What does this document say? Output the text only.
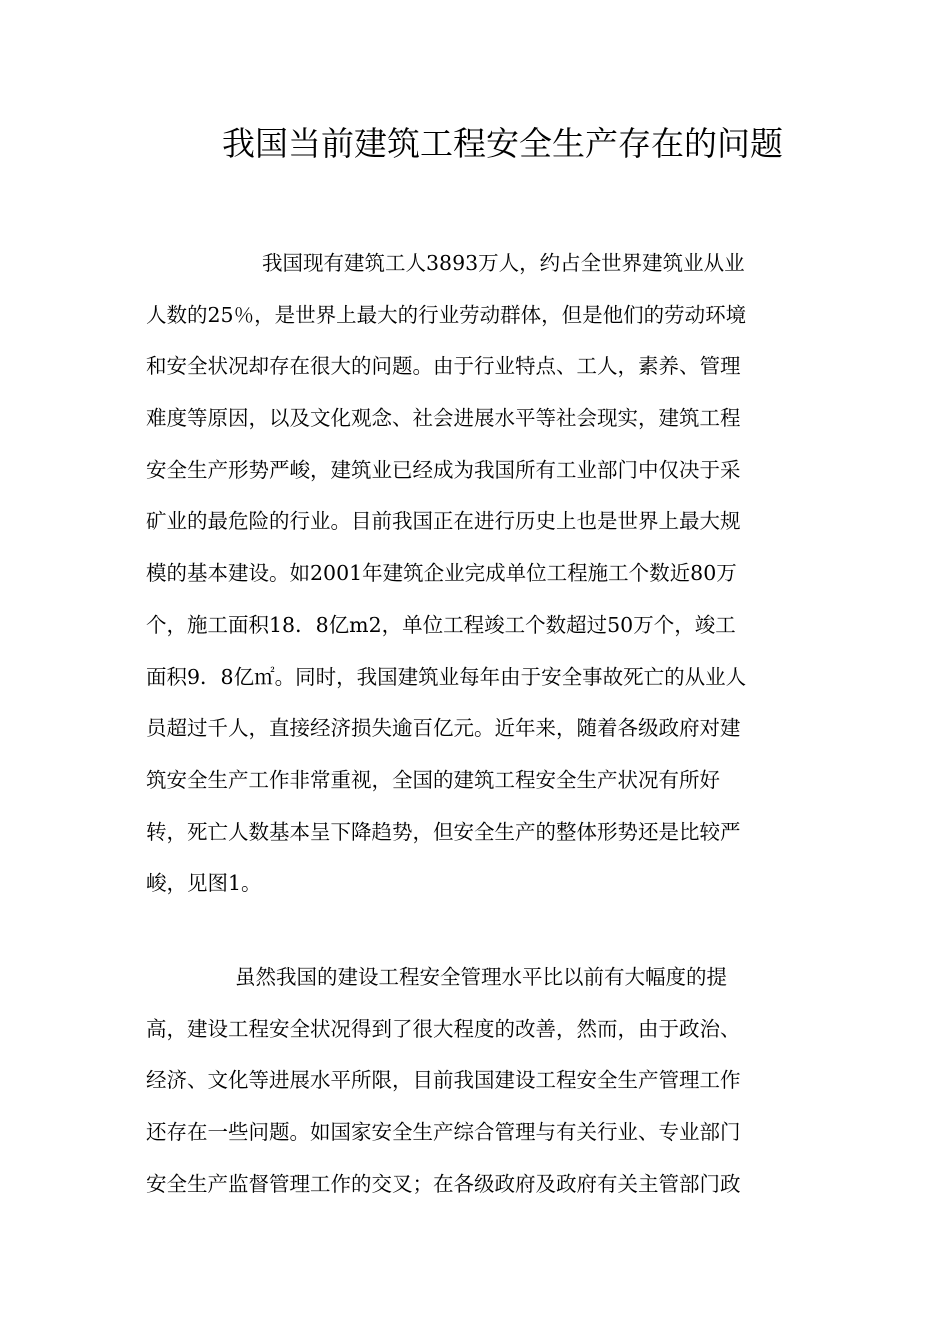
我国当前建筑工程安全生产存在的问题
我国现有建筑工人3893万人，约占全世界建筑业从业
人数的25％，是世界上最大的行业劳动群体，但是他们的劳动环境
和安全状况却存在很大的问题。由于行业特点、工人，素养、管理
难度等原因，以及文化观念、社会进展水平等社会现实，建筑工程
安全生产形势严峻，建筑业已经成为我国所有工业部门中仅决于采
矿业的最危险的行业。目前我国正在进行历史上也是世界上最大规
模的基本建设。如2001年建筑企业完成单位工程施工个数近80万
个，施工面积18．8亿m2，单位工程竣工个数超过50万个，竣工
面积9．8亿㎡。同时，我国建筑业每年由于安全事故死亡的从业人
员超过千人，直接经济损失逾百亿元。近年来，随着各级政府对建
筑安全生产工作非常重视，全国的建筑工程安全生产状况有所好
转，死亡人数基本呈下降趋势，但安全生产的整体形势还是比较严
峻，见图1。
虽然我国的建设工程安全管理水平比以前有大幅度的提
高，建设工程安全状况得到了很大程度的改善，然而，由于政治、
经济、文化等进展水平所限，目前我国建设工程安全生产管理工作
还存在一些问题。如国家安全生产综合管理与有关行业、专业部门
安全生产监督管理工作的交叉；在各级政府及政府有关主管部门政
